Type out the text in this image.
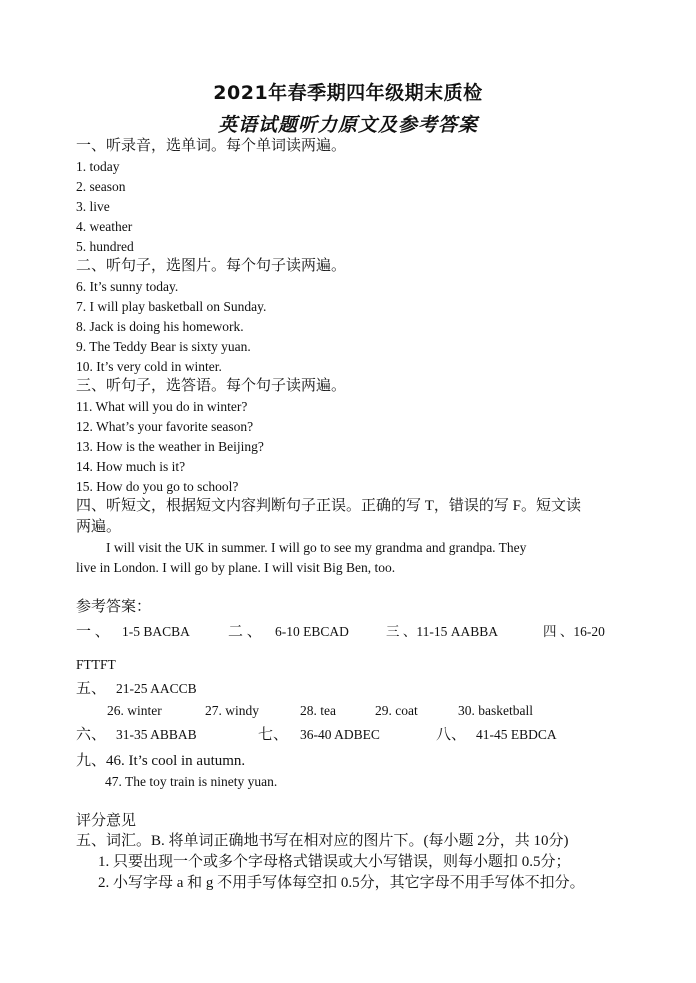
2021年春季期四年级期末质检
英语试题听力原文及参考答案
一、听录音，选单词。每个单词读两遍。
1. today
2. season
3. live
4. weather
5. hundred
二、听句子，选图片。每个句子读两遍。
6. It’s sunny today.
7. I will play basketball on Sunday.
8. Jack is doing his homework.
9. The Teddy Bear is sixty yuan.
10. It’s very cold in winter.
三、听句子，选答语。每个句子读两遍。
11. What will you do in winter?
12. What’s your favorite season?
13. How is the weather in Beijing?
14. How much is it?
15. How do you go to school?
四、听短文，根据短文内容判断句子正误。正确的写 T，错误的写 F。短文读
两遍。
I will visit the UK in summer. I will go to see my grandma and grandpa. They
live in London. I will go by plane. I will visit Big Ben, too.
参考答案：
一 、 1-5 BACBA	二 、 6-10 EBCAD	三 、11-15 AABBA	四 、16-20
FTTFT
五、 21-25 AACCB
26. winter	27. windy	28. tea	29. coat	30. basketball
六、 31-35 ABBAB	七、 36-40 ADBEC	八、 41-45 EBDCA
九、46. It’s cool in autumn.
47. The toy train is ninety yuan.
评分意见
五、词汇。B. 将单词正确地书写在相对应的图片下。(每小题 2分，共 10分)
1. 只要出现一个或多个字母格式错误或大小写错误，则每小题扣 0.5分；
2. 小写字母 a 和 g 不用手写体每空扣 0.5分，其它字母不用手写体不扣分。
